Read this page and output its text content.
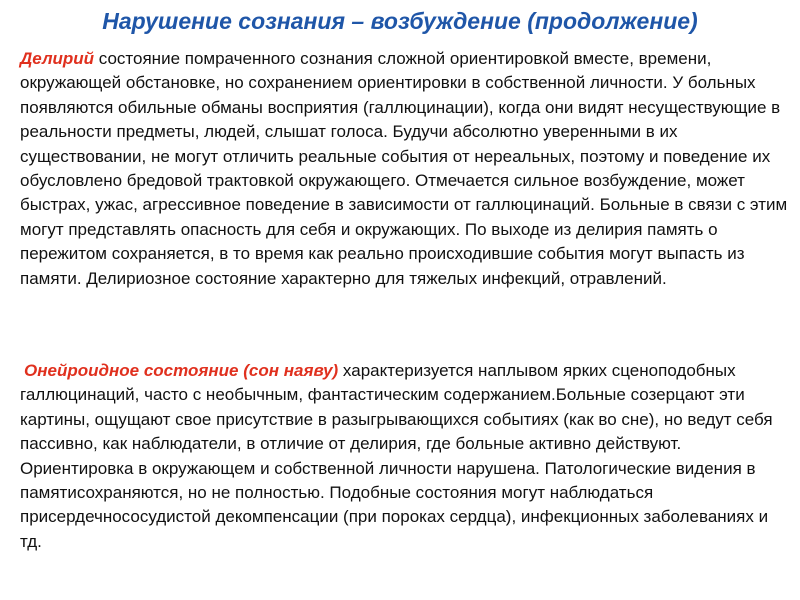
Нарушение сознания – возбуждение (продолжение)

Делирий состояние помраченного сознания сложной ориентировкой вместе, времени, окружающей обстановке, но сохранением ориентировки в собственной личности. У больных появляются обильные обманы восприятия (галлюцинации), когда они видят несуществующие в реальности предметы, людей, слышат голоса. Будучи абсолютно уверенными в их существовании, не могут отличить реальные события от нереальных, поэтому и поведение их обусловлено бредовой трактовкой окружающего. Отмечается сильное возбуждение, может быстрах, ужас, агрессивное поведение в зависимости от галлюцинаций. Больные в связи с этим могут представлять опасность для себя и окружающих. По выходе из делирия память о пережитом сохраняется, в то время как реально происходившие события могут выпасть из памяти. Делириозное состояние характерно для тяжелых инфекций, отравлений.

Онейроидное состояние (сон наяву) характеризуется наплывом ярких сценоподобных галлюцинаций, часто с необычным, фантастическим содержанием.Больные созерцают эти картины, ощущают свое присутствие в разыгрывающихся событиях (как во сне), но ведут себя пассивно, как наблюдатели, в отличие от делирия, где больные активно действуют. Ориентировка в окружающем и собственной личности нарушена. Патологические видения в памятисохраняются, но не полностью. Подобные состояния могут наблюдаться присердечнососудистой декомпенсации (при пороках сердца), инфекционных заболеваниях и тд.
